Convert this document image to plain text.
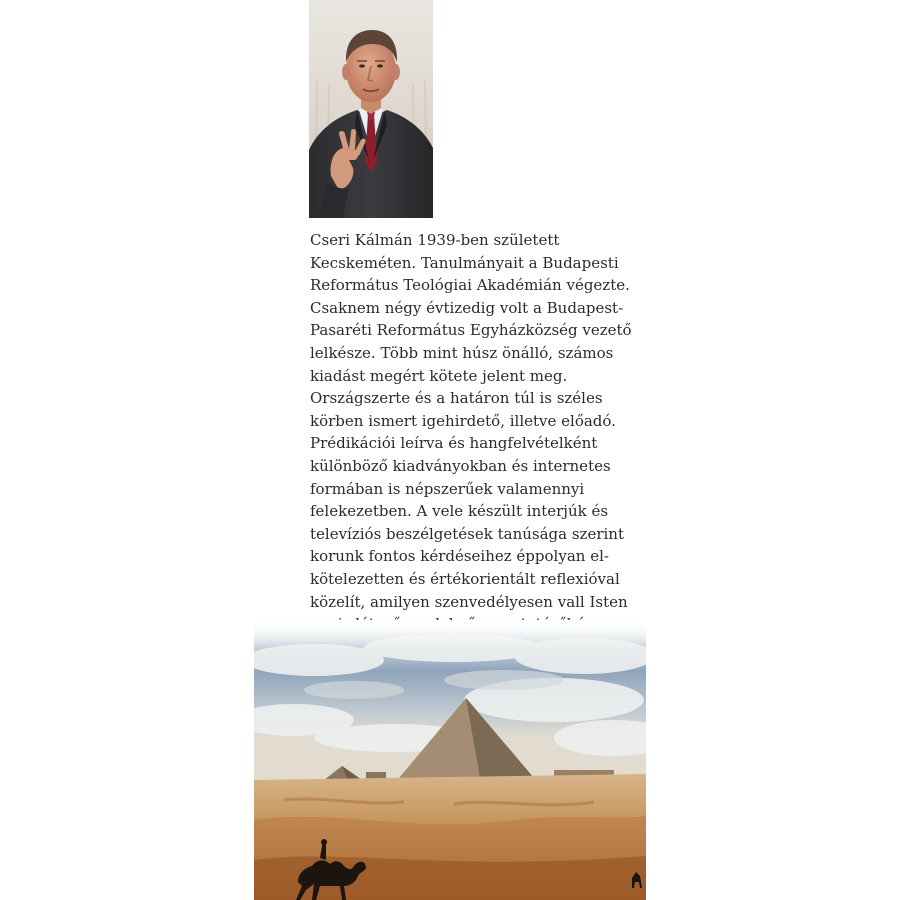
Cseri Kálmán 1939-ben született
Kecskeméten. Tanulmányait a Budapesti
Református Teológiai Akadémián végezte.
Csaknem négy évtizedig volt a Budapest-
Pasaréti Református Egyházközség vezető
lelkésze. Több mint húsz önálló, számos
kiadást megért kötete jelent meg.
Országszerte és a határon túl is széles
körben ismert igehirdető, illetve előadó.
Prédikációi leírva és hangfelvételként
különböző kiadványokban és internetes
formában is népszerűek valamennyi
felekezetben. A vele készült interjúk és
televíziós beszélgetések tanúsága szerint
korunk fontos kérdéseihez éppolyan el-
kötelezetten és értékorientált reflexióval
közelít, amilyen szenvedélyesen vall Isten
